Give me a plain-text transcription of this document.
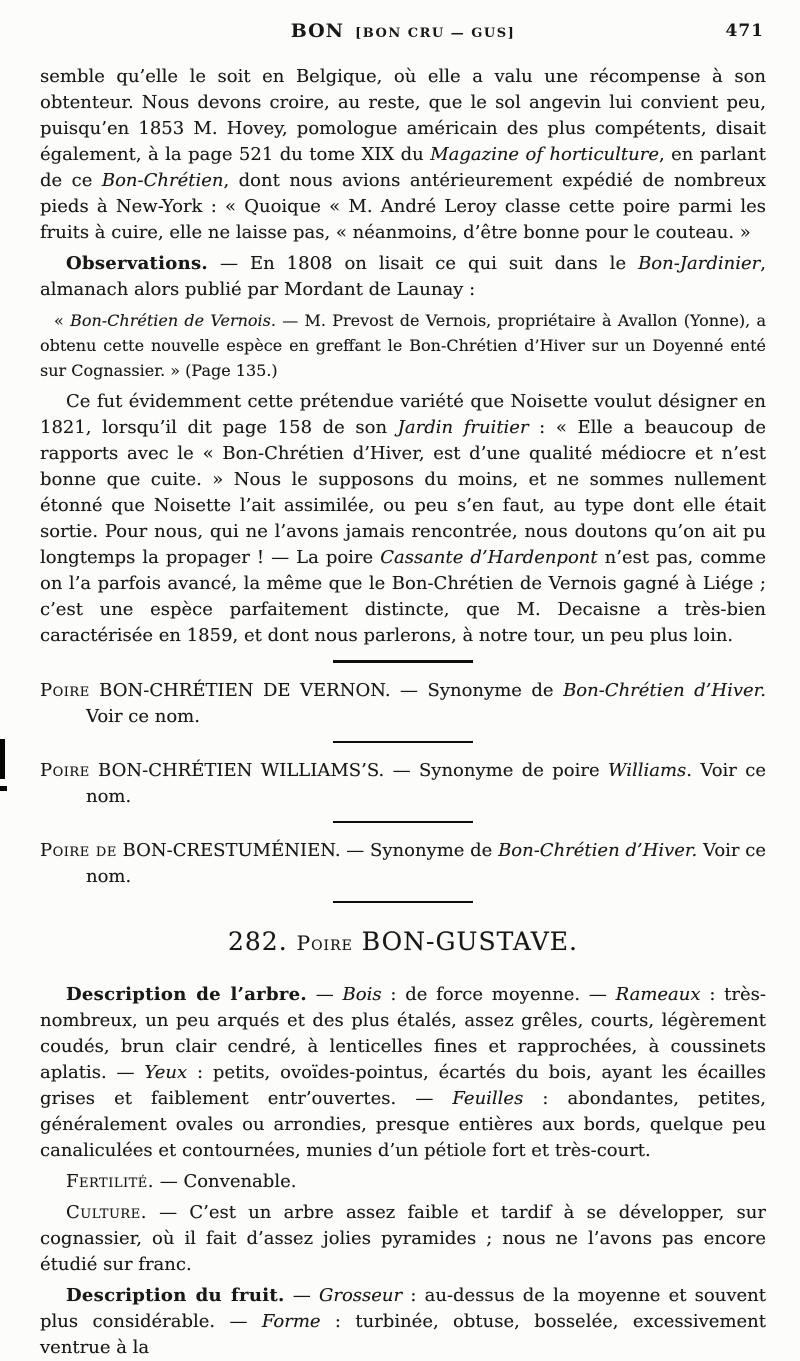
BON [BON CRU — GUS]	471

semble qu’elle le soit en Belgique, où elle a valu une récompense à son obtenteur. Nous devons croire, au reste, que le sol angevin lui convient peu, puisqu’en 1853 M. Hovey, pomologue américain des plus compétents, disait également, à la page 521 du tome XIX du Magazine of horticulture, en parlant de ce Bon-Chrétien, dont nous avions antérieurement expédié de nombreux pieds à New-York : « Quoique « M. André Leroy classe cette poire parmi les fruits à cuire, elle ne laisse pas, « néanmoins, d’être bonne pour le couteau. »

Observations. — En 1808 on lisait ce qui suit dans le Bon-Jardinier, almanach alors publié par Mordant de Launay :

« Bon-Chrétien de Vernois. — M. Prevost de Vernois, propriétaire à Avallon (Yonne), a obtenu cette nouvelle espèce en greffant le Bon-Chrétien d’Hiver sur un Doyenné enté sur Cognassier. » (Page 135.)

Ce fut évidemment cette prétendue variété que Noisette voulut désigner en 1821, lorsqu’il dit page 158 de son Jardin fruitier : « Elle a beaucoup de rapports avec le « Bon-Chrétien d’Hiver, est d’une qualité médiocre et n’est bonne que cuite. » Nous le supposons du moins, et ne sommes nullement étonné que Noisette l’ait assimilée, ou peu s’en faut, au type dont elle était sortie. Pour nous, qui ne l’avons jamais rencontrée, nous doutons qu’on ait pu longtemps la propager ! — La poire Cassante d’Hardenpont n’est pas, comme on l’a parfois avancé, la même que le Bon-Chrétien de Vernois gagné à Liége ; c’est une espèce parfaitement distincte, que M. Decaisne a très-bien caractérisée en 1859, et dont nous parlerons, à notre tour, un peu plus loin.

Poire BON-CHRÉTIEN DE VERNON. — Synonyme de Bon-Chrétien d’Hiver. Voir ce nom.

Poire BON-CHRÉTIEN WILLIAMS’S. — Synonyme de poire Williams. Voir ce nom.

Poire de BON-CRESTUMÉNIEN. — Synonyme de Bon-Chrétien d’Hiver. Voir ce nom.

282. Poire BON-GUSTAVE.

Description de l’arbre. — Bois : de force moyenne. — Rameaux : très-nombreux, un peu arqués et des plus étalés, assez grêles, courts, légèrement coudés, brun clair cendré, à lenticelles fines et rapprochées, à coussinets aplatis. — Yeux : petits, ovoïdes-pointus, écartés du bois, ayant les écailles grises et faiblement entr’ouvertes. — Feuilles : abondantes, petites, généralement ovales ou arrondies, presque entières aux bords, quelque peu canaliculées et contournées, munies d’un pétiole fort et très-court.

Fertilité. — Convenable.

Culture. — C’est un arbre assez faible et tardif à se développer, sur cognassier, où il fait d’assez jolies pyramides ; nous ne l’avons pas encore étudié sur franc.

Description du fruit. — Grosseur : au-dessus de la moyenne et souvent plus considérable. — Forme : turbinée, obtuse, bosselée, excessivement ventrue à la
